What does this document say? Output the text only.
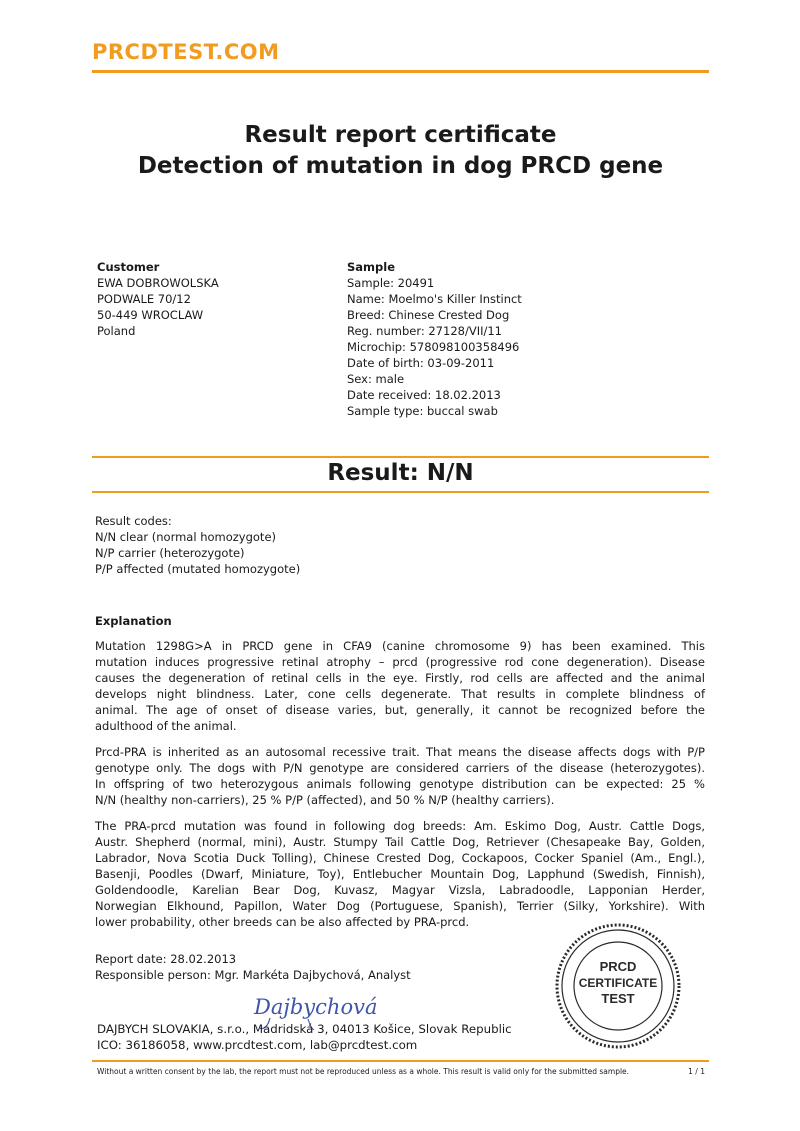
PRCDTEST.COM
Result report certificate
Detection of mutation in dog PRCD gene
Customer
EWA DOBROWOLSKA
PODWALE 70/12
50-449 WROCLAW
Poland
Sample
Sample: 20491
Name: Moelmo's Killer Instinct
Breed: Chinese Crested Dog
Reg. number: 27128/VII/11
Microchip: 578098100358496
Date of birth: 03-09-2011
Sex: male
Date received: 18.02.2013
Sample type: buccal swab
Result: N/N
Result codes:
N/N clear (normal homozygote)
N/P carrier (heterozygote)
P/P affected (mutated homozygote)
Explanation
Mutation 1298G>A in PRCD gene in CFA9 (canine chromosome 9) has been examined. This
mutation induces progressive retinal atrophy – prcd (progressive rod cone degeneration). Disease
causes the degeneration of retinal cells in the eye. Firstly, rod cells are affected and the animal
develops night blindness. Later, cone cells degenerate. That results in complete blindness of
animal. The age of onset of disease varies, but, generally, it cannot be recognized before the
adulthood of the animal.
Prcd-PRA is inherited as an autosomal recessive trait. That means the disease affects dogs with P/P
genotype only. The dogs with P/N genotype are considered carriers of the disease (heterozygotes).
In offspring of two heterozygous animals following genotype distribution can be expected: 25 %
N/N (healthy non-carriers), 25 % P/P (affected), and 50 % N/P (healthy carriers).
The PRA-prcd mutation was found in following dog breeds: Am. Eskimo Dog, Austr. Cattle Dogs,
Austr. Shepherd (normal, mini), Austr. Stumpy Tail Cattle Dog, Retriever (Chesapeake Bay, Golden,
Labrador, Nova Scotia Duck Tolling), Chinese Crested Dog, Cockapoos, Cocker Spaniel (Am., Engl.),
Basenji, Poodles (Dwarf, Miniature, Toy), Entlebucher Mountain Dog, Lapphund (Swedish, Finnish),
Goldendoodle, Karelian Bear Dog, Kuvasz, Magyar Vizsla, Labradoodle, Lapponian Herder,
Norwegian Elkhound, Papillon, Water Dog (Portuguese, Spanish), Terrier (Silky, Yorkshire). With
lower probability, other breeds can be also affected by PRA-prcd.
Report date: 28.02.2013
Responsible person: Mgr. Markéta Dajbychová, Analyst
Dajbychová
DAJBYCH SLOVAKIA, s.r.o., Madridská 3, 04013 Košice, Slovak Republic
ICO: 36186058, www.prcdtest.com, lab@prcdtest.com
PRCD
CERTIFICATE
TEST
Without a written consent by the lab, the report must not be reproduced unless as a whole. This result is valid only for the submitted sample.	1 / 1
